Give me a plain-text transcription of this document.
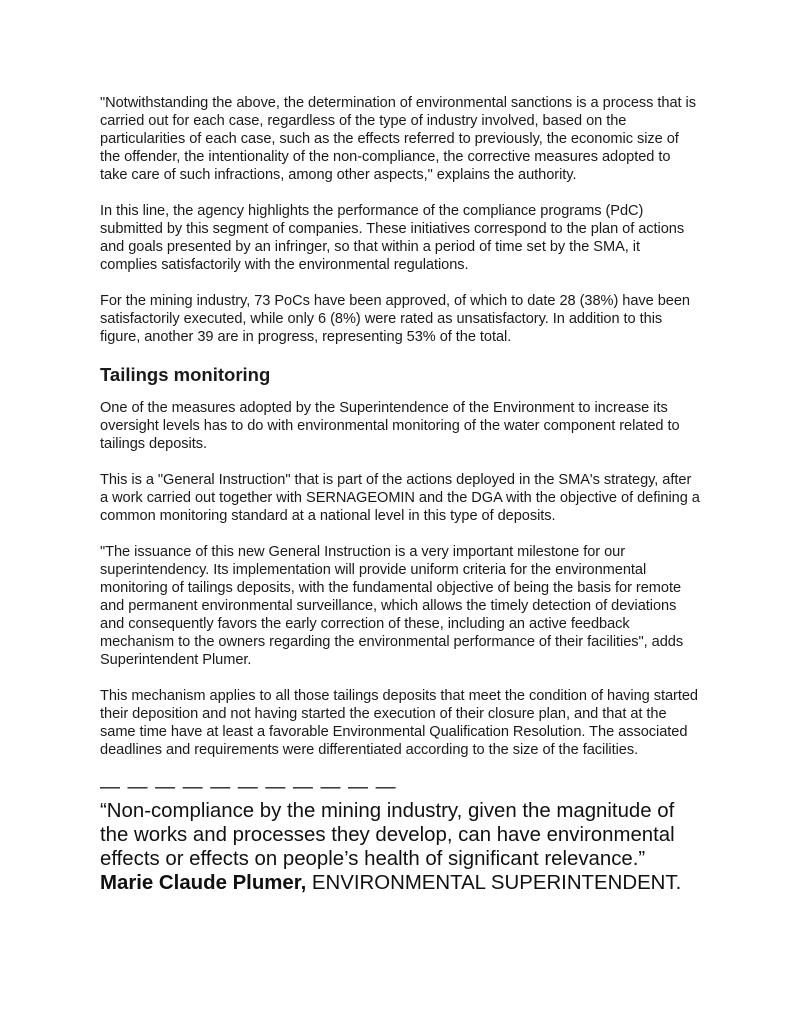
"Notwithstanding the above, the determination of environmental sanctions is a process that is carried out for each case, regardless of the type of industry involved, based on the particularities of each case, such as the effects referred to previously, the economic size of the offender, the intentionality of the non-compliance, the corrective measures adopted to take care of such infractions, among other aspects," explains the authority.

In this line, the agency highlights the performance of the compliance programs (PdC) submitted by this segment of companies. These initiatives correspond to the plan of actions and goals presented by an infringer, so that within a period of time set by the SMA, it complies satisfactorily with the environmental regulations.

For the mining industry, 73 PoCs have been approved, of which to date 28 (38%) have been satisfactorily executed, while only 6 (8%) were rated as unsatisfactory. In addition to this figure, another 39 are in progress, representing 53% of the total.

Tailings monitoring

One of the measures adopted by the Superintendence of the Environment to increase its oversight levels has to do with environmental monitoring of the water component related to tailings deposits.

This is a "General Instruction" that is part of the actions deployed in the SMA's strategy, after a work carried out together with SERNAGEOMIN and the DGA with the objective of defining a common monitoring standard at a national level in this type of deposits.

"The issuance of this new General Instruction is a very important milestone for our superintendency. Its implementation will provide uniform criteria for the environmental monitoring of tailings deposits, with the fundamental objective of being the basis for remote and permanent environmental surveillance, which allows the timely detection of deviations and consequently favors the early correction of these, including an active feedback mechanism to the owners regarding the environmental performance of their facilities", adds Superintendent Plumer.

This mechanism applies to all those tailings deposits that meet the condition of having started their deposition and not having started the execution of their closure plan, and that at the same time have at least a favorable Environmental Qualification Resolution. The associated deadlines and requirements were differentiated according to the size of the facilities.

— — — — — — — — — — —
“Non-compliance by the mining industry, given the magnitude of the works and processes they develop, can have environmental effects or effects on people’s health of significant relevance.”
Marie Claude Plumer, ENVIRONMENTAL SUPERINTENDENT.
